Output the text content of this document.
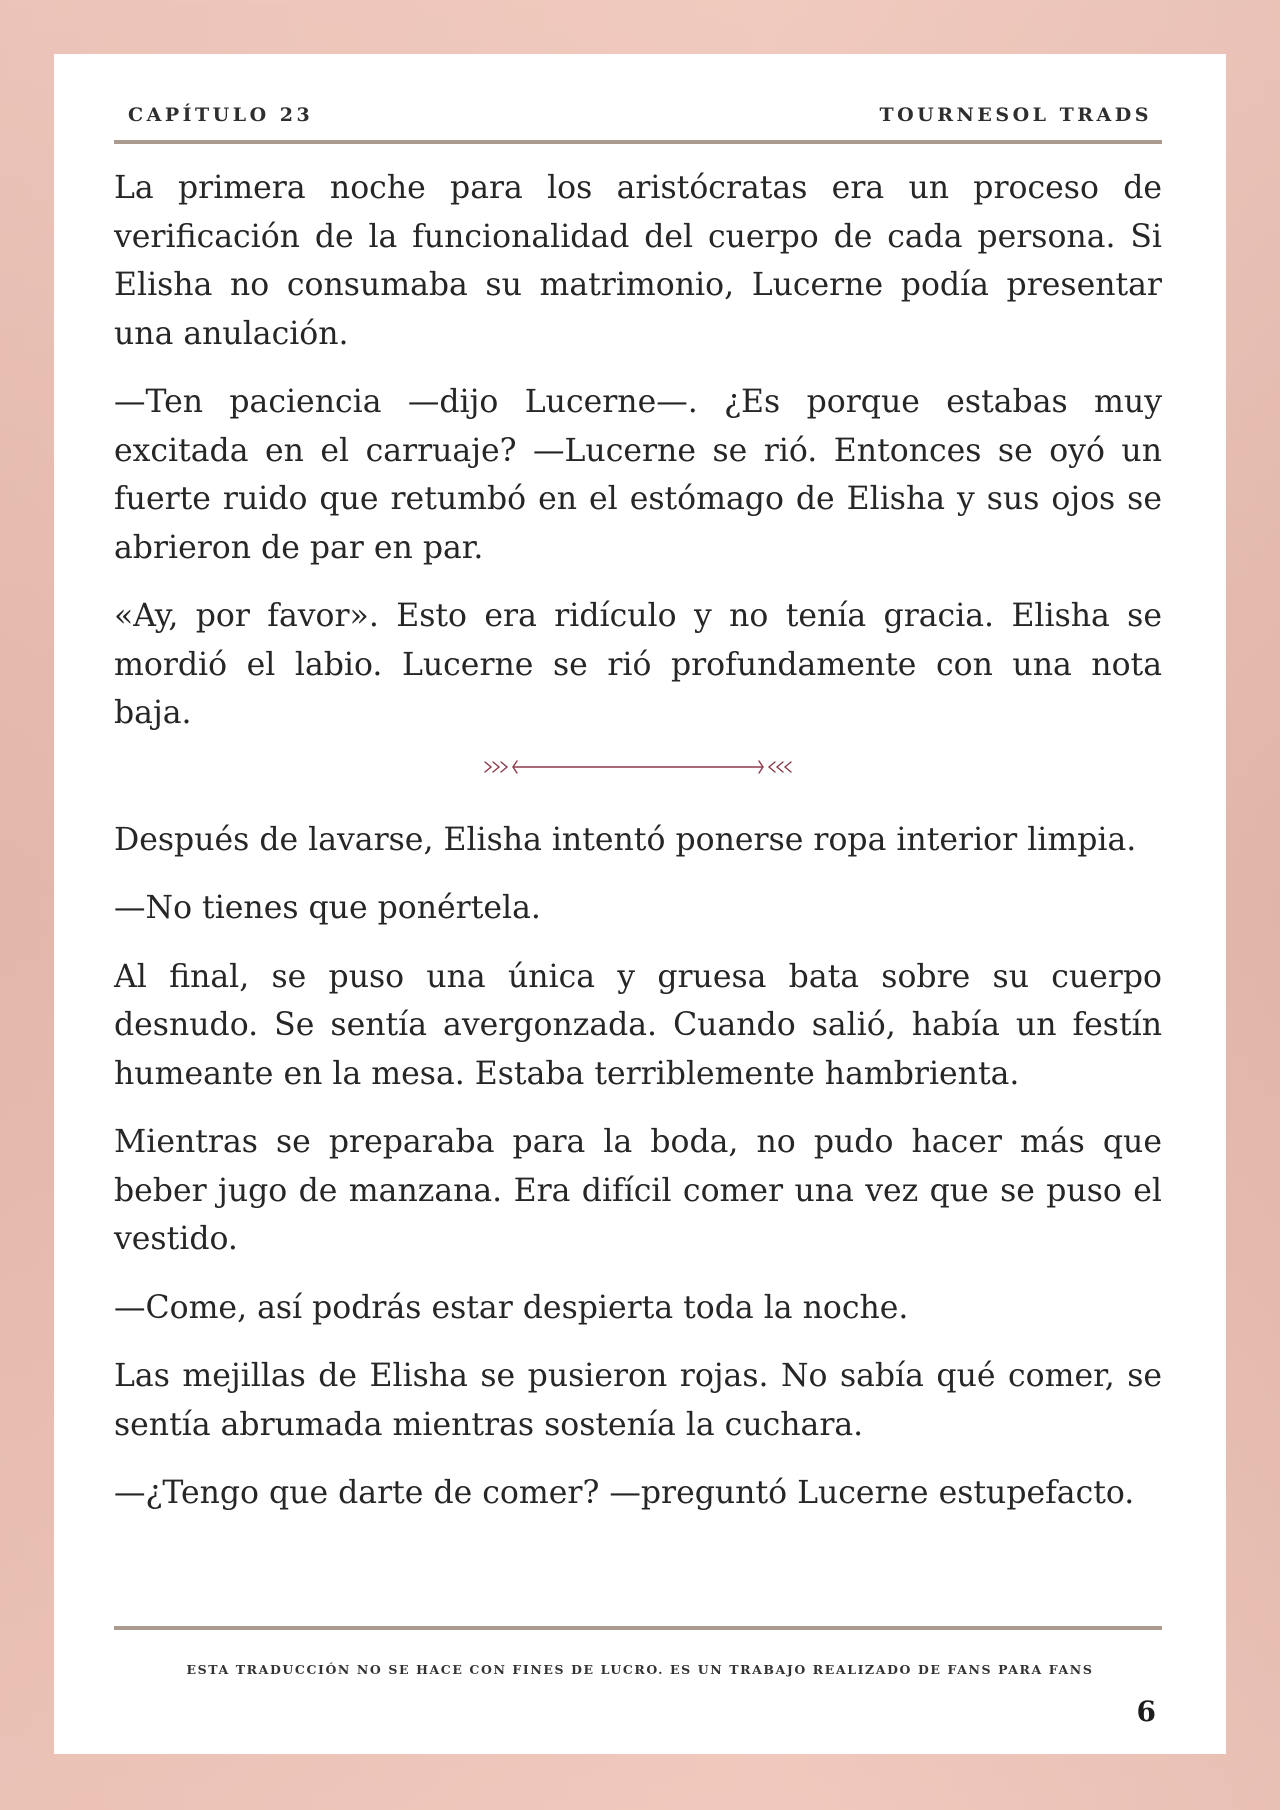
CAPÍTULO 23	TOURNESOL TRADS

La primera noche para los aristócratas era un proceso de verificación de la funcionalidad del cuerpo de cada persona. Si Elisha no consumaba su matrimonio, Lucerne podía presentar una anulación.

—Ten paciencia —dijo Lucerne—. ¿Es porque estabas muy excitada en el carruaje? —Lucerne se rió. Entonces se oyó un fuerte ruido que retumbó en el estómago de Elisha y sus ojos se abrieron de par en par.

«Ay, por favor». Esto era ridículo y no tenía gracia. Elisha se mordió el labio. Lucerne se rió profundamente con una nota baja.

Después de lavarse, Elisha intentó ponerse ropa interior limpia.

—No tienes que ponértela.

Al final, se puso una única y gruesa bata sobre su cuerpo desnudo. Se sentía avergonzada. Cuando salió, había un festín humeante en la mesa. Estaba terriblemente hambrienta.

Mientras se preparaba para la boda, no pudo hacer más que beber jugo de manzana. Era difícil comer una vez que se puso el vestido.

—Come, así podrás estar despierta toda la noche.

Las mejillas de Elisha se pusieron rojas. No sabía qué comer, se sentía abrumada mientras sostenía la cuchara.

—¿Tengo que darte de comer? —preguntó Lucerne estupefacto.

ESTA TRADUCCIÓN NO SE HACE CON FINES DE LUCRO. ES UN TRABAJO REALIZADO DE FANS PARA FANS
6
